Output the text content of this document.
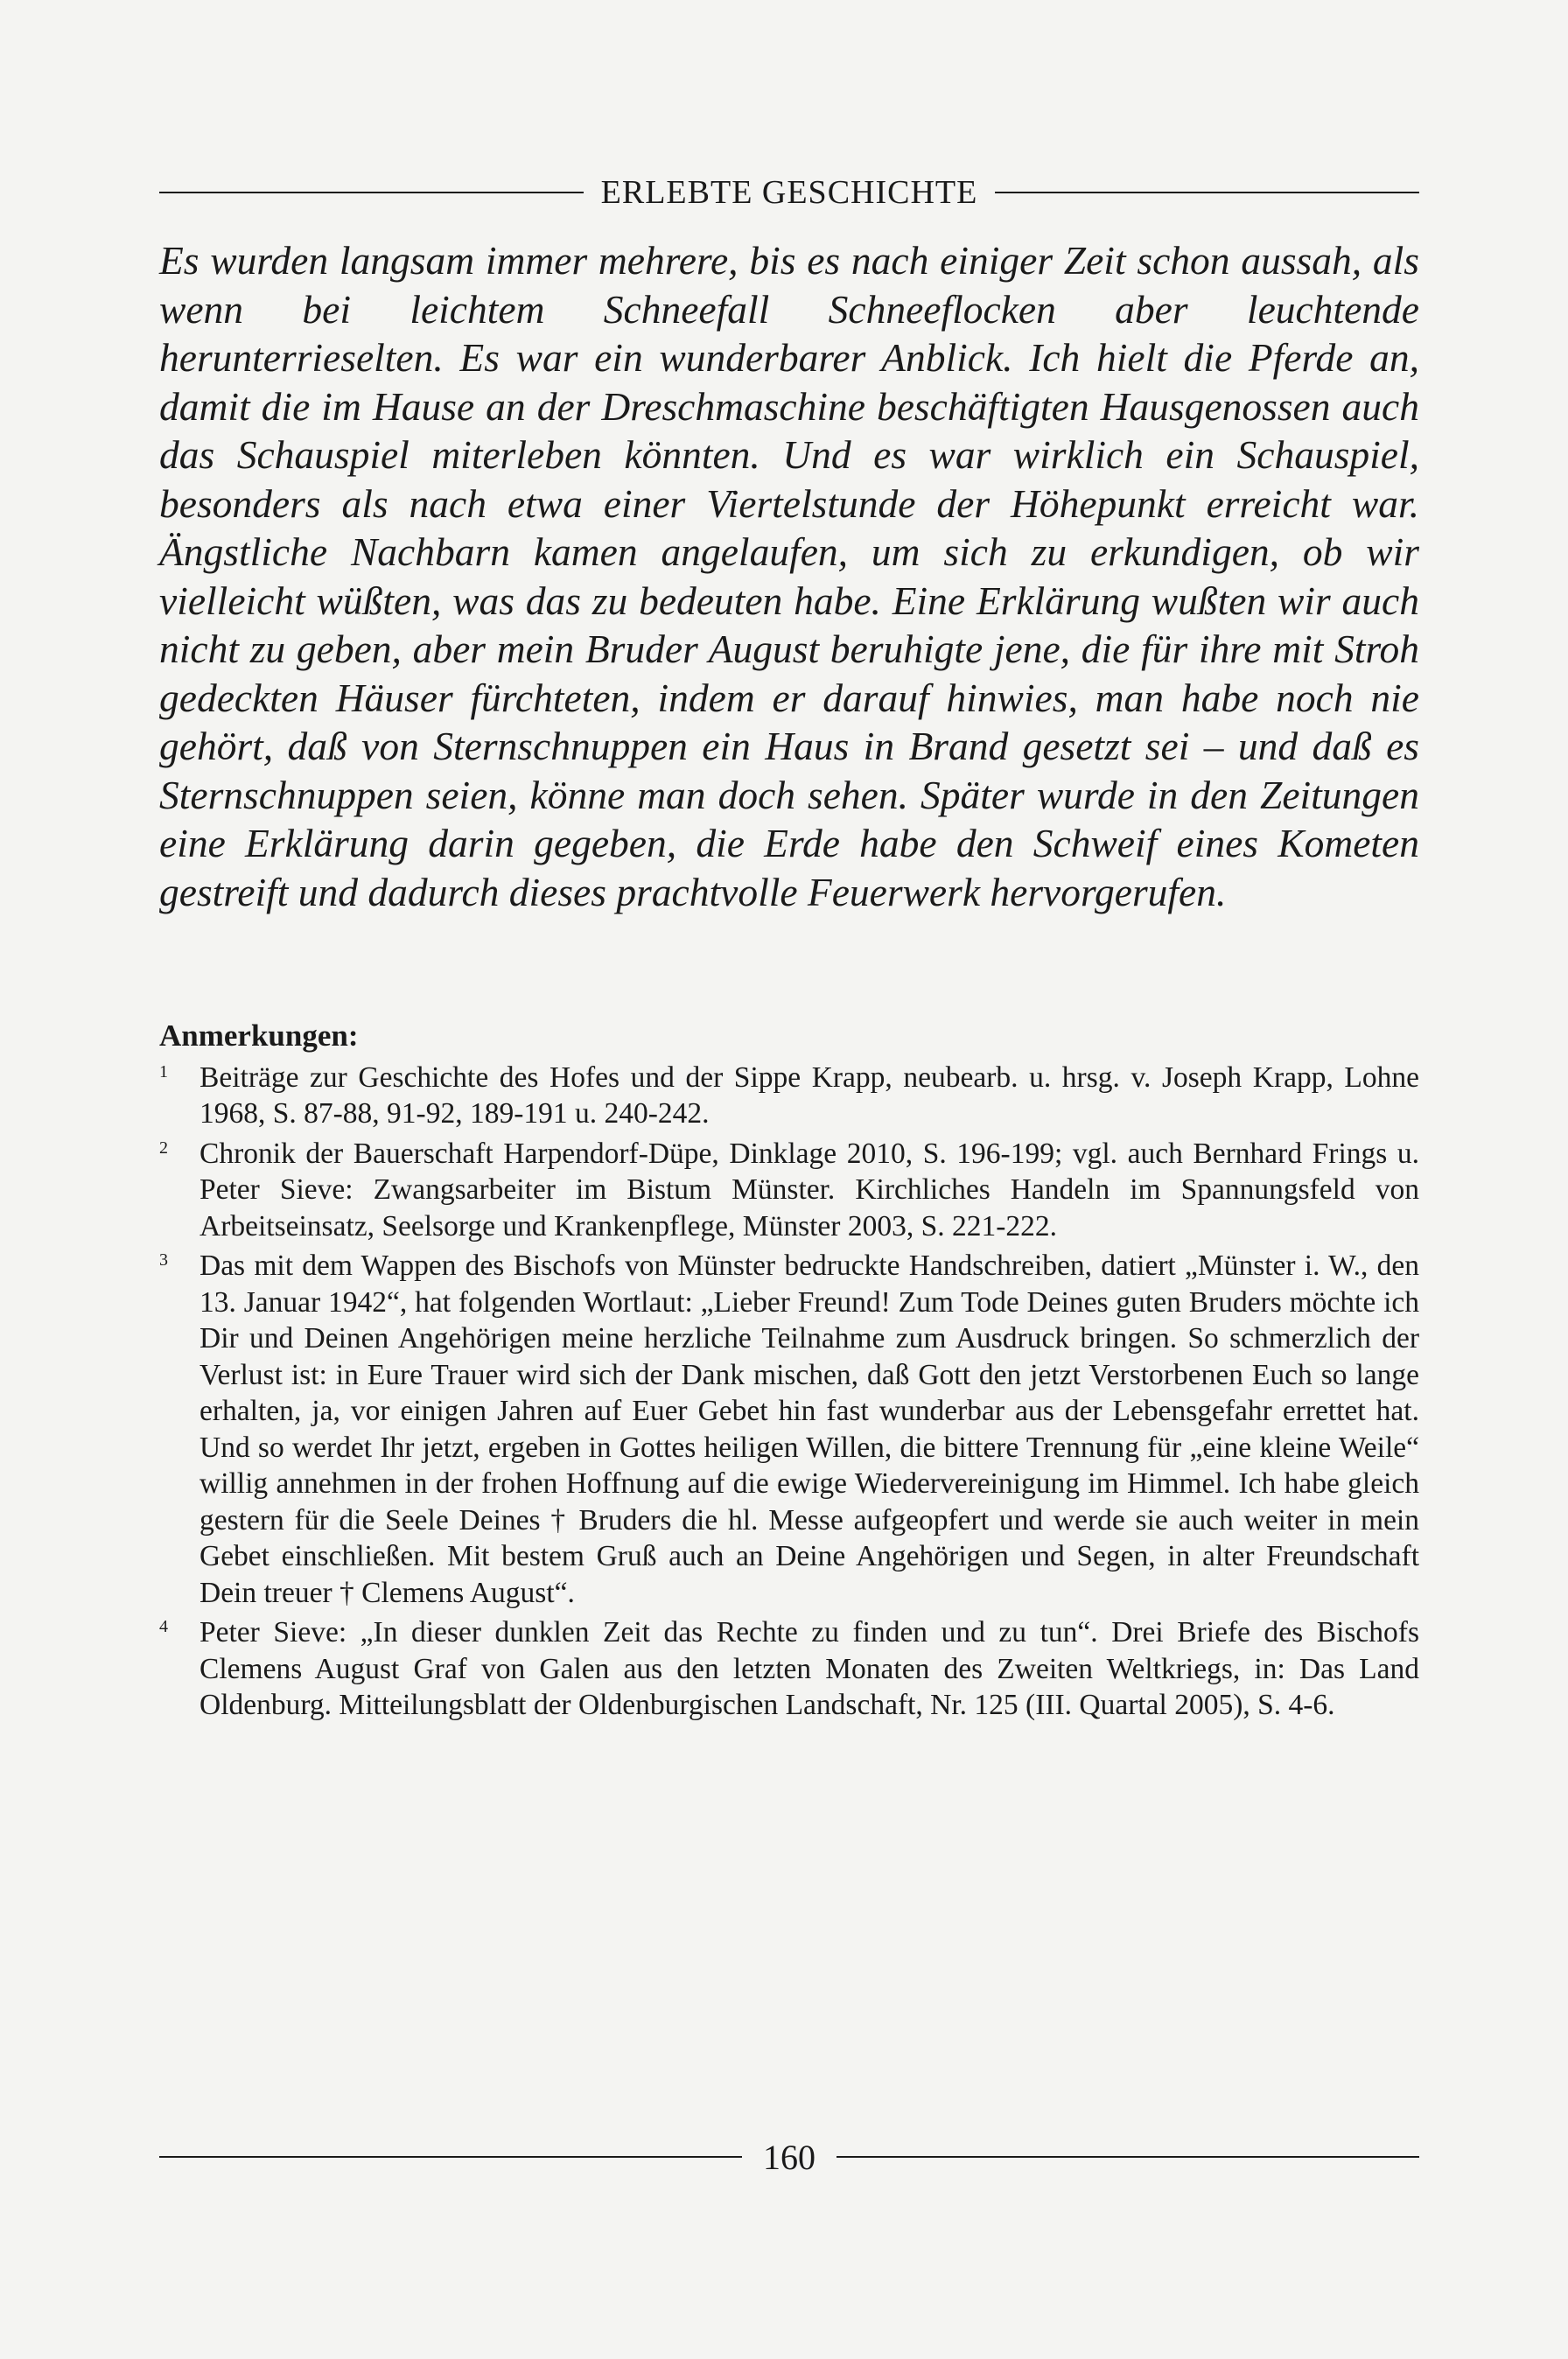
ERLEBTE GESCHICHTE

Es wurden langsam immer mehrere, bis es nach einiger Zeit schon aussah, als wenn bei leichtem Schneefall Schneeflocken aber leuchtende herunterrieselten. Es war ein wunderbarer Anblick. Ich hielt die Pferde an, damit die im Hause an der Dreschmaschine beschäftigten Hausgenossen auch das Schauspiel miterleben könnten. Und es war wirklich ein Schauspiel, besonders als nach etwa einer Viertelstunde der Höhepunkt erreicht war. Ängstliche Nachbarn kamen angelaufen, um sich zu erkundigen, ob wir vielleicht wüßten, was das zu bedeuten habe. Eine Erklärung wußten wir auch nicht zu geben, aber mein Bruder August beruhigte jene, die für ihre mit Stroh gedeckten Häuser fürchteten, indem er darauf hinwies, man habe noch nie gehört, daß von Sternschnuppen ein Haus in Brand gesetzt sei – und daß es Sternschnuppen seien, könne man doch sehen. Später wurde in den Zeitungen eine Erklärung darin gegeben, die Erde habe den Schweif eines Kometen gestreift und dadurch dieses prachtvolle Feuerwerk hervorgerufen.

Anmerkungen:
1 Beiträge zur Geschichte des Hofes und der Sippe Krapp, neubearb. u. hrsg. v. Joseph Krapp, Lohne 1968, S. 87-88, 91-92, 189-191 u. 240-242.
2 Chronik der Bauerschaft Harpendorf-Düpe, Dinklage 2010, S. 196-199; vgl. auch Bernhard Frings u. Peter Sieve: Zwangsarbeiter im Bistum Münster. Kirchliches Handeln im Spannungsfeld von Arbeitseinsatz, Seelsorge und Krankenpflege, Münster 2003, S. 221-222.
3 Das mit dem Wappen des Bischofs von Münster bedruckte Handschreiben, datiert „Münster i. W., den 13. Januar 1942“, hat folgenden Wortlaut: „Lieber Freund! Zum Tode Deines guten Bruders möchte ich Dir und Deinen Angehörigen meine herzliche Teilnahme zum Ausdruck bringen. So schmerzlich der Verlust ist: in Eure Trauer wird sich der Dank mischen, daß Gott den jetzt Verstorbenen Euch so lange erhalten, ja, vor einigen Jahren auf Euer Gebet hin fast wunderbar aus der Lebensgefahr errettet hat. Und so werdet Ihr jetzt, ergeben in Gottes heiligen Willen, die bittere Trennung für „eine kleine Weile“ willig annehmen in der frohen Hoffnung auf die ewige Wiedervereinigung im Himmel. Ich habe gleich gestern für die Seele Deines † Bruders die hl. Messe aufgeopfert und werde sie auch weiter in mein Gebet einschließen. Mit bestem Gruß auch an Deine Angehörigen und Segen, in alter Freundschaft Dein treuer † Clemens August“.
4 Peter Sieve: „In dieser dunklen Zeit das Rechte zu finden und zu tun“. Drei Briefe des Bischofs Clemens August Graf von Galen aus den letzten Monaten des Zweiten Weltkriegs, in: Das Land Oldenburg. Mitteilungsblatt der Oldenburgischen Landschaft, Nr. 125 (III. Quartal 2005), S. 4-6.
160
